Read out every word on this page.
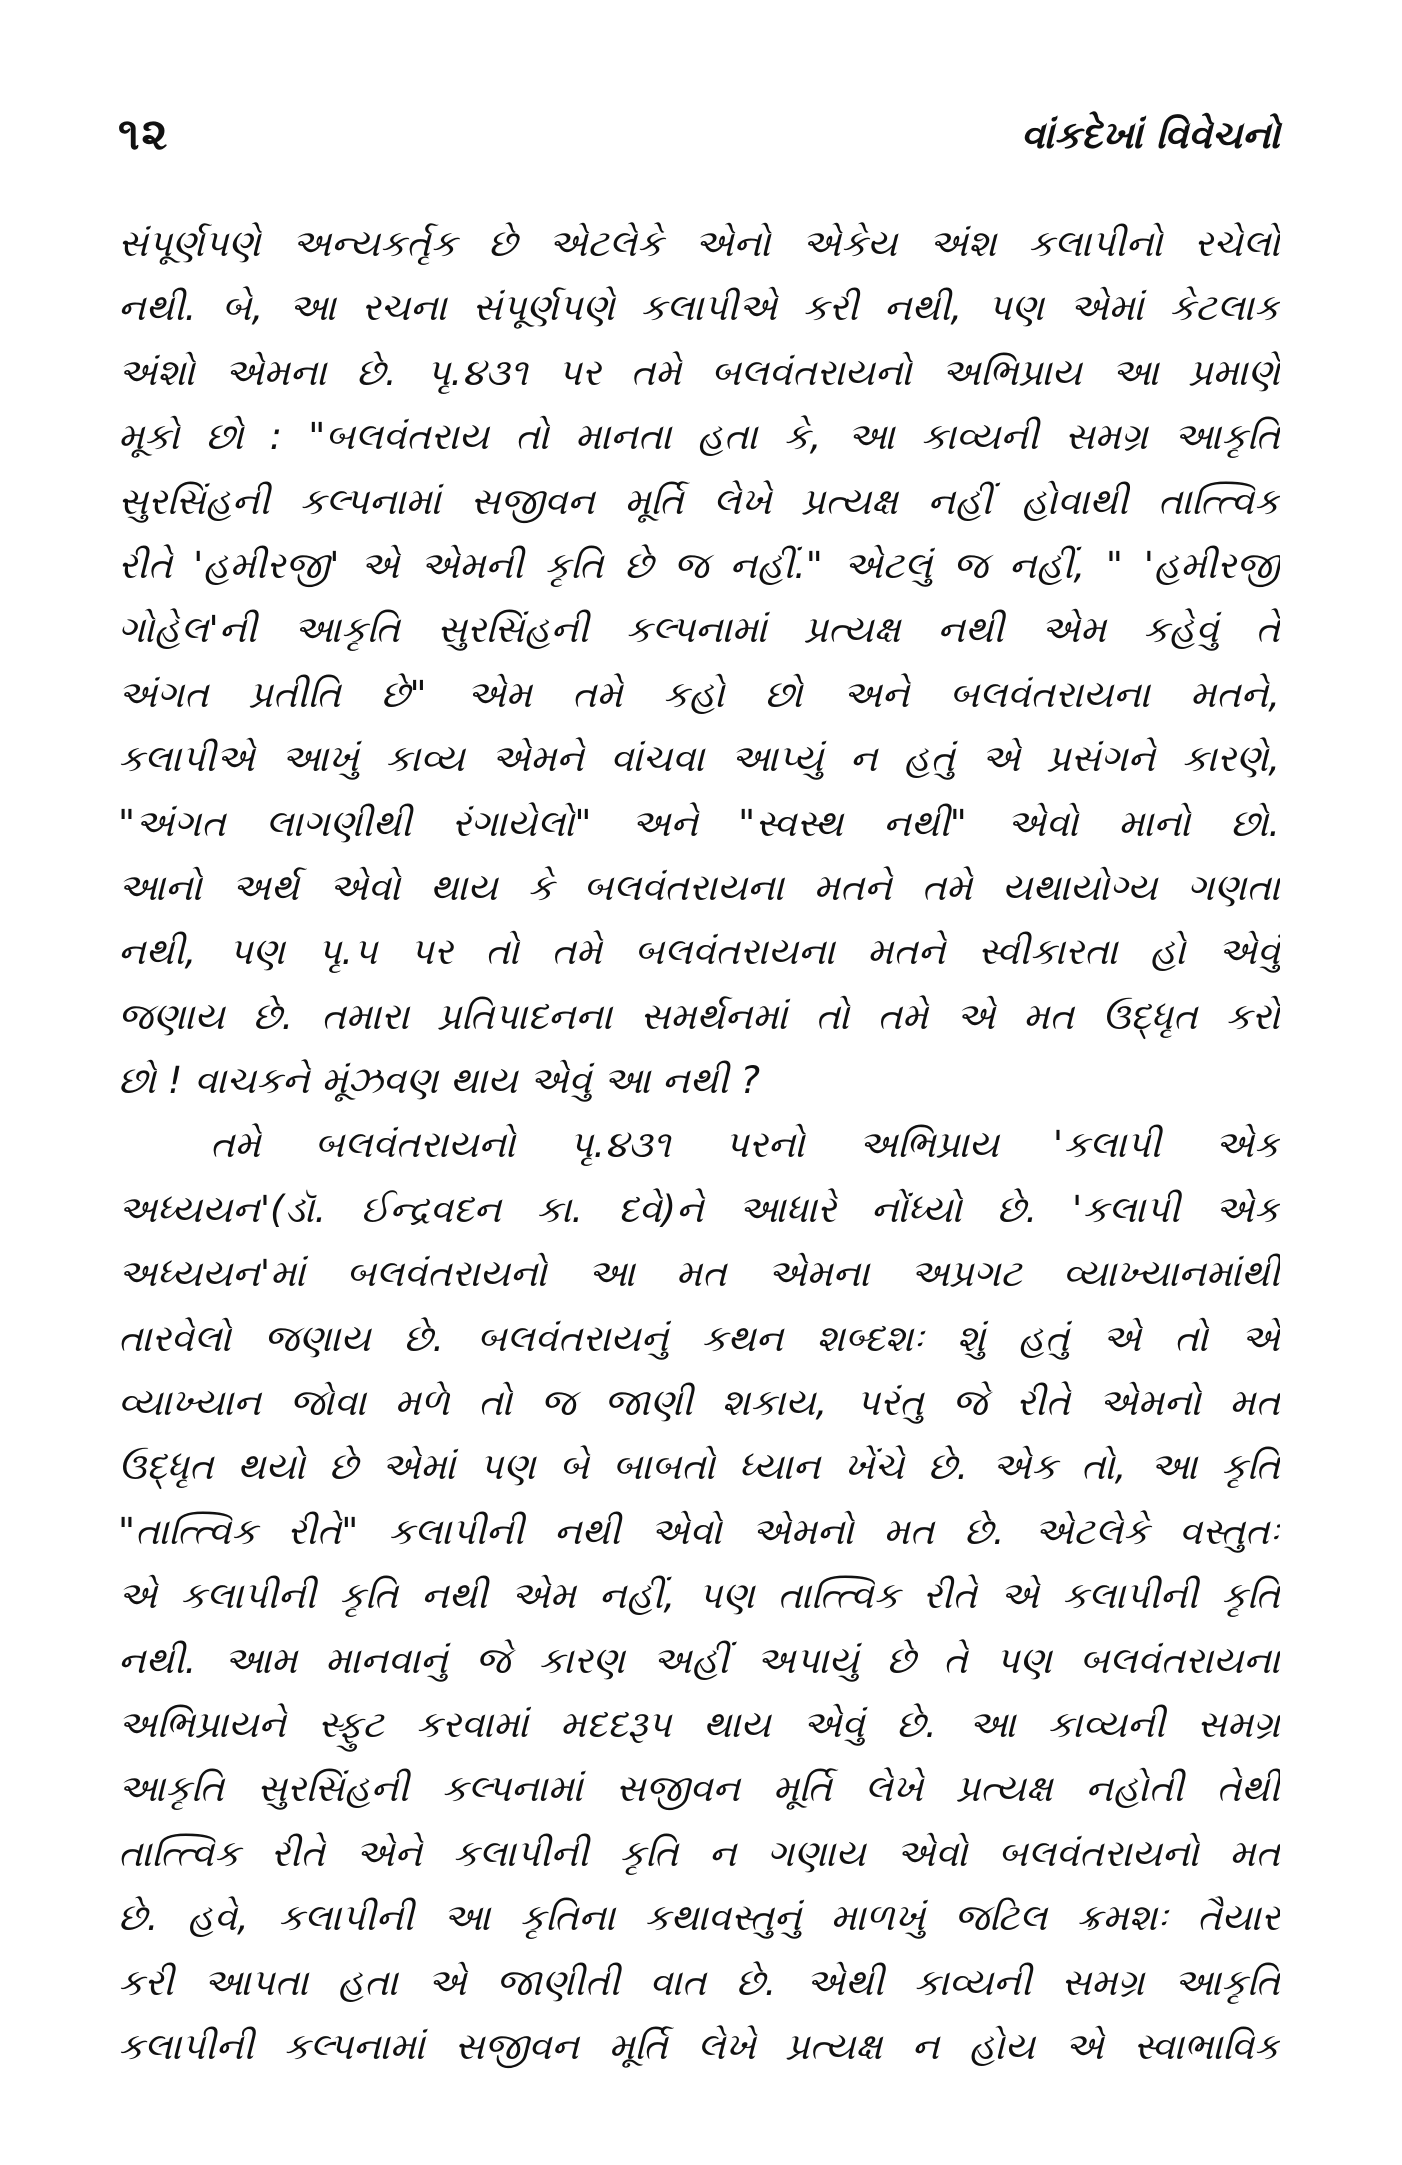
૧૨	વાંકદેખાં વિવેચનો
સંપૂર્ણપણે અન્યકર્તૃક છે એટલેકે એનો એકેય અંશ કલાપીનો રચેલો
નથી. બે, આ રચના સંપૂર્ણપણે કલાપીએ કરી નથી, પણ એમાં કેટલાક
અંશો એમના છે. પૃ.૪૩૧ પર તમે બલવંતરાયનો અભિપ્રાય આ પ્રમાણે
મૂકો છો : "બલવંતરાય તો માનતા હતા કે, આ કાવ્યની સમગ્ર આકૃતિ
સુરસિંહની કલ્પનામાં સજીવન મૂર્તિ લેખે પ્રત્યક્ષ નહીં હોવાથી તાત્ત્વિક
રીતે 'હમીરજી' એ એમની કૃતિ છે જ નહીં." એટલું જ નહીં, " 'હમીરજી
ગોહેલ'ની આકૃતિ સુરસિંહની કલ્પનામાં પ્રત્યક્ષ નથી એમ કહેવું તે
અંગત પ્રતીતિ છે" એમ તમે કહો છો અને બલવંતરાયના મતને,
કલાપીએ આખું કાવ્ય એમને વાંચવા આપ્યું ન હતું એ પ્રસંગને કારણે,
"અંગત લાગણીથી રંગાયેલો" અને "સ્વસ્થ નથી" એવો માનો છો.
આનો અર્થ એવો થાય કે બલવંતરાયના મતને તમે યથાયોગ્ય ગણતા
નથી, પણ પૃ.૫ પર તો તમે બલવંતરાયના મતને સ્વીકારતા હો એવું
જણાય છે. તમારા પ્રતિપાદનના સમર્થનમાં તો તમે એ મત ઉદ્ધૃત કરો
છો ! વાચકને મૂંઝવણ થાય એવું આ નથી ?
તમે બલવંતરાયનો પૃ.૪૩૧ પરનો અભિપ્રાય 'કલાપી એક
અધ્યયન'(ડૉ. ઈન્દ્રવદન કા. દવે)ને આધારે નોંધ્યો છે. 'કલાપી એક
અધ્યયન'માં બલવંતરાયનો આ મત એમના અપ્રગટ વ્યાખ્યાનમાંથી
તારવેલો જણાય છે. બલવંતરાયનું કથન શબ્દશઃ શું હતું એ તો એ
વ્યાખ્યાન જોવા મળે તો જ જાણી શકાય, પરંતુ જે રીતે એમનો મત
ઉદ્ધૃત થયો છે એમાં પણ બે બાબતો ધ્યાન ખેંચે છે. એક તો, આ કૃતિ
"તાત્ત્વિક રીતે" કલાપીની નથી એવો એમનો મત છે. એટલેકે વસ્તુતઃ
એ કલાપીની કૃતિ નથી એમ નહીં, પણ તાત્ત્વિક રીતે એ કલાપીની કૃતિ
નથી. આમ માનવાનું જે કારણ અહીં અપાયું છે તે પણ બલવંતરાયના
અભિપ્રાયને સ્ફુટ કરવામાં મદદરૂપ થાય એવું છે. આ કાવ્યની સમગ્ર
આકૃતિ સુરસિંહની કલ્પનામાં સજીવન મૂર્તિ લેખે પ્રત્યક્ષ નહોતી તેથી
તાત્ત્વિક રીતે એને કલાપીની કૃતિ ન ગણાય એવો બલવંતરાયનો મત
છે. હવે, કલાપીની આ કૃતિના કથાવસ્તુનું માળખું જટિલ ક્રમશઃ તૈયાર
કરી આપતા હતા એ જાણીતી વાત છે. એથી કાવ્યની સમગ્ર આકૃતિ
કલાપીની કલ્પનામાં સજીવન મૂર્તિ લેખે પ્રત્યક્ષ ન હોય એ સ્વાભાવિક
